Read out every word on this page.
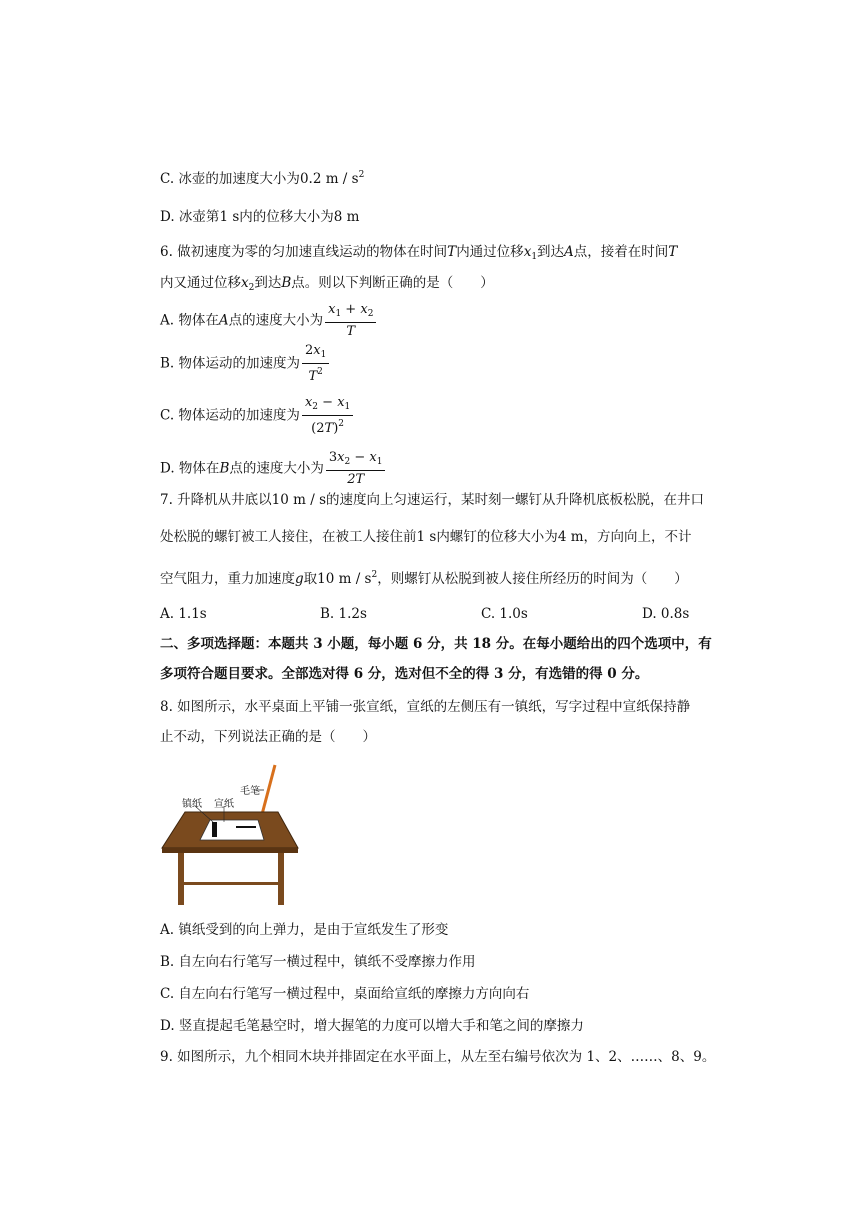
C. 冰壶的加速度大小为0.2 m / $s^2$
D. 冰壶第1 s内的位移大小为8 m
6. 做初速度为零的匀加速直线运动的物体在时间T内通过位移$x_1$到达A点，接着在时间T
内又通过位移$x_2$到达B点。则以下判断正确的是（　　）
A. 物体在A点的速度大小为 $\frac{x_1 + x_2}{T}$
B. 物体运动的加速度为 $\frac{2x_1}{T^2}$
C. 物体运动的加速度为 $\frac{x_2 - x_1}{(2T)^2}$
D. 物体在B点的速度大小为 $\frac{3x_2 - x_1}{2T}$
7. 升降机从井底以10 m / s的速度向上匀速运行，某时刻一螺钉从升降机底板松脱，在井口
处松脱的螺钉被工人接住，在被工人接住前1 s内螺钉的位移大小为4 m，方向向上，不计
空气阻力，重力加速度g取10 m / $s^2$，则螺钉从松脱到被人接住所经历的时间为（　　）
A. 1.1s	B. 1.2s	C. 1.0s	D. 0.8s
二、多项选择题：本题共 3 小题，每小题 6 分，共 18 分。在每小题给出的四个选项中，有
多项符合题目要求。全部选对得 6 分，选对但不全的得 3 分，有选错的得 0 分。
8. 如图所示，水平桌面上平铺一张宣纸，宣纸的左侧压有一镇纸，写字过程中宣纸保持静
止不动，下列说法正确的是（　　）
毛笔
镇纸 宣纸
A. 镇纸受到的向上弹力，是由于宣纸发生了形变
B. 自左向右行笔写一横过程中，镇纸不受摩擦力作用
C. 自左向右行笔写一横过程中，桌面给宣纸的摩擦力方向向右
D. 竖直提起毛笔悬空时，增大握笔的力度可以增大手和笔之间的摩擦力
9. 如图所示，九个相同木块并排固定在水平面上，从左至右编号依次为 1、2、……、8、9。
